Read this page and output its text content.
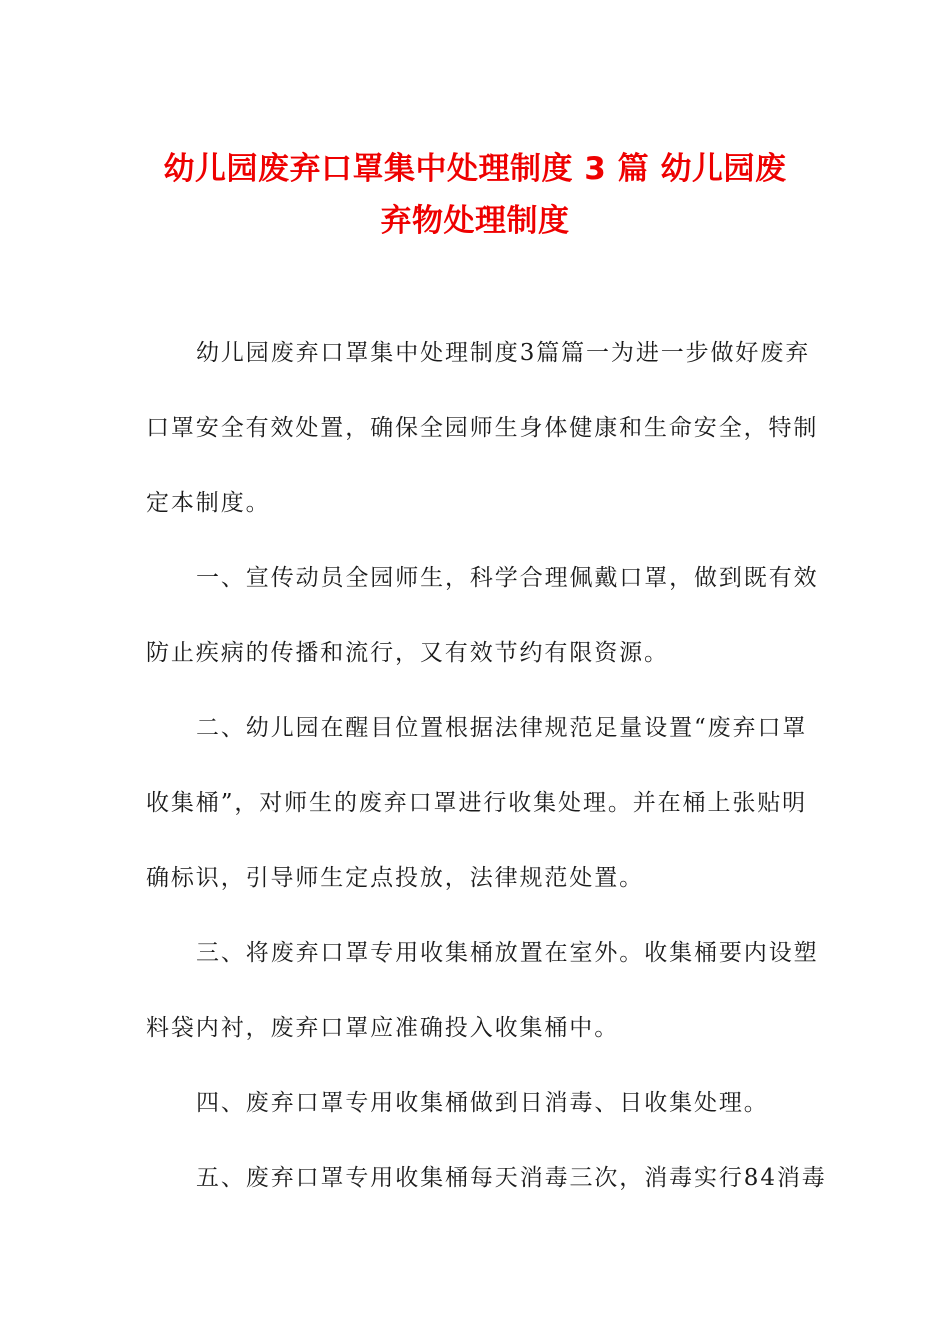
幼儿园废弃口罩集中处理制度 3 篇 幼儿园废
弃物处理制度
幼儿园废弃口罩集中处理制度3篇篇一为进一步做好废弃
口罩安全有效处置，确保全园师生身体健康和生命安全，特制
定本制度。
一、宣传动员全园师生，科学合理佩戴口罩，做到既有效
防止疾病的传播和流行，又有效节约有限资源。
二、幼儿园在醒目位置根据法律规范足量设置“废弃口罩
收集桶”，对师生的废弃口罩进行收集处理。并在桶上张贴明
确标识，引导师生定点投放，法律规范处置。
三、将废弃口罩专用收集桶放置在室外。收集桶要内设塑
料袋内衬，废弃口罩应准确投入收集桶中。
四、废弃口罩专用收集桶做到日消毒、日收集处理。
五、废弃口罩专用收集桶每天消毒三次，消毒实行84消毒
